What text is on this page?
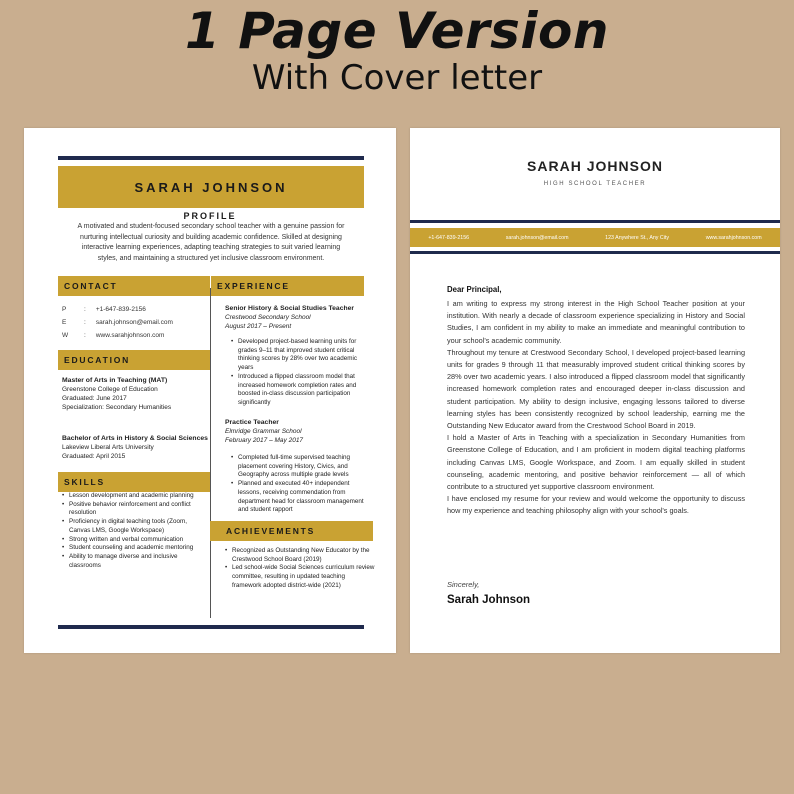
1 Page Version
With Cover letter
SARAH JOHNSON
PROFILE
A motivated and student-focused secondary school teacher with a genuine passion for nurturing intellectual curiosity and building academic confidence. Skilled at designing interactive learning experiences, adapting teaching strategies to suit varied learning styles, and maintaining a structured yet inclusive classroom environment.
CONTACT	EXPERIENCE
P	: +1-647-839-2156
E	: sarah.johnson@email.com
W	: www.sarahjohnson.com
EDUCATION
Master of Arts in Teaching (MAT)
Greenstone College of Education
Graduated: June 2017
Specialization: Secondary Humanities
Bachelor of Arts in History & Social Sciences
Lakeview Liberal Arts University
Graduated: April 2015
SKILLS
• Lesson development and academic planning
• Positive behavior reinforcement and conflict resolution
• Proficiency in digital teaching tools (Zoom, Canvas LMS, Google Workspace)
• Strong written and verbal communication
• Student counseling and academic mentoring
• Ability to manage diverse and inclusive classrooms
Senior History & Social Studies Teacher
Crestwood Secondary School
August 2017 – Present
• Developed project-based learning units for grades 9–11 that improved student critical thinking scores by 28% over two academic years
• Introduced a flipped classroom model that increased homework completion rates and boosted in-class discussion participation significantly
Practice Teacher
Elmridge Grammar School
February 2017 – May 2017
• Completed full-time supervised teaching placement covering History, Civics, and Geography across multiple grade levels
• Planned and executed 40+ independent lessons, receiving commendation from department head for classroom management and student rapport
ACHIEVEMENTS
• Recognized as Outstanding New Educator by the Crestwood School Board (2019)
• Led school-wide Social Sciences curriculum review committee, resulting in updated teaching framework adopted district-wide (2021)
SARAH JOHNSON
HIGH SCHOOL TEACHER
+1-647-839-2156	sarah.johnson@email.com	123 Anywhere St., Any City	www.sarahjohnson.com
Dear Principal,

I am writing to express my strong interest in the High School Teacher position at your institution. With nearly a decade of classroom experience specializing in History and Social Studies, I am confident in my ability to make an immediate and meaningful contribution to your school's academic community.

Throughout my tenure at Crestwood Secondary School, I developed project-based learning units for grades 9 through 11 that measurably improved student critical thinking scores by 28% over two academic years. I also introduced a flipped classroom model that significantly increased homework completion rates and encouraged deeper in-class discussion and student participation. My ability to design inclusive, engaging lessons tailored to diverse learning styles has been consistently recognized by school leadership, earning me the Outstanding New Educator award from the Crestwood School Board in 2019.

I hold a Master of Arts in Teaching with a specialization in Secondary Humanities from Greenstone College of Education, and I am proficient in modern digital teaching platforms including Canvas LMS, Google Workspace, and Zoom. I am equally skilled in student counseling, academic mentoring, and positive behavior reinforcement — all of which contribute to a structured yet supportive classroom environment.

I have enclosed my resume for your review and would welcome the opportunity to discuss how my experience and teaching philosophy align with your school's goals.

Sincerely,
Sarah Johnson
